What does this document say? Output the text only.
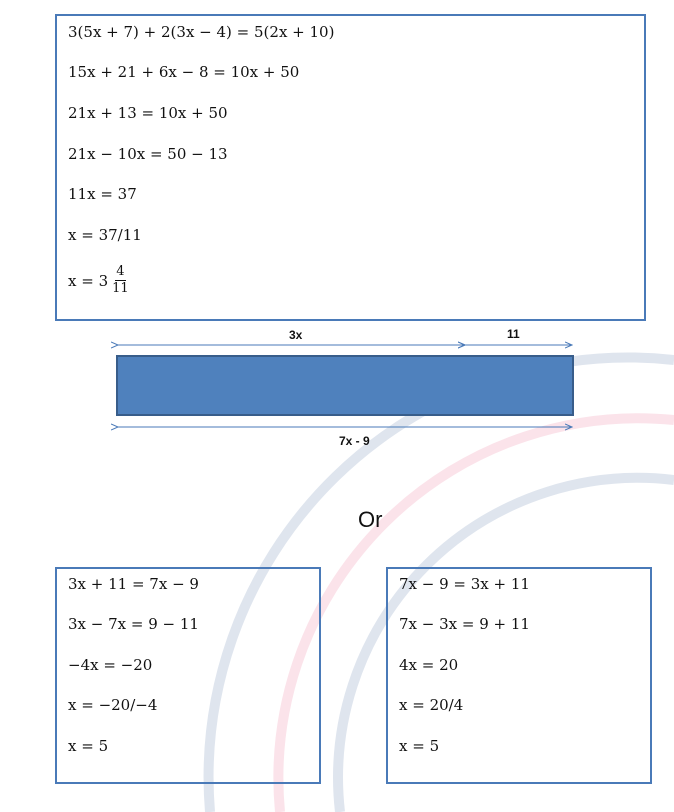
3(5x + 7) + 2(3x − 4) = 5(2x + 10)
15x + 21 + 6x − 8 = 10x + 50
21x + 13 = 10x + 50
21x − 10x = 50 − 13
11x = 37
x = 37/11
$x = 3 \frac{4}{11}$
3x	11
7x - 9
Or
3x + 11 = 7x − 9
3x − 7x = 9 − 11
−4x = −20
x = −20/−4
x = 5
7x − 9 = 3x + 11
7x − 3x = 9 + 11
4x = 20
x = 20/4
x = 5
